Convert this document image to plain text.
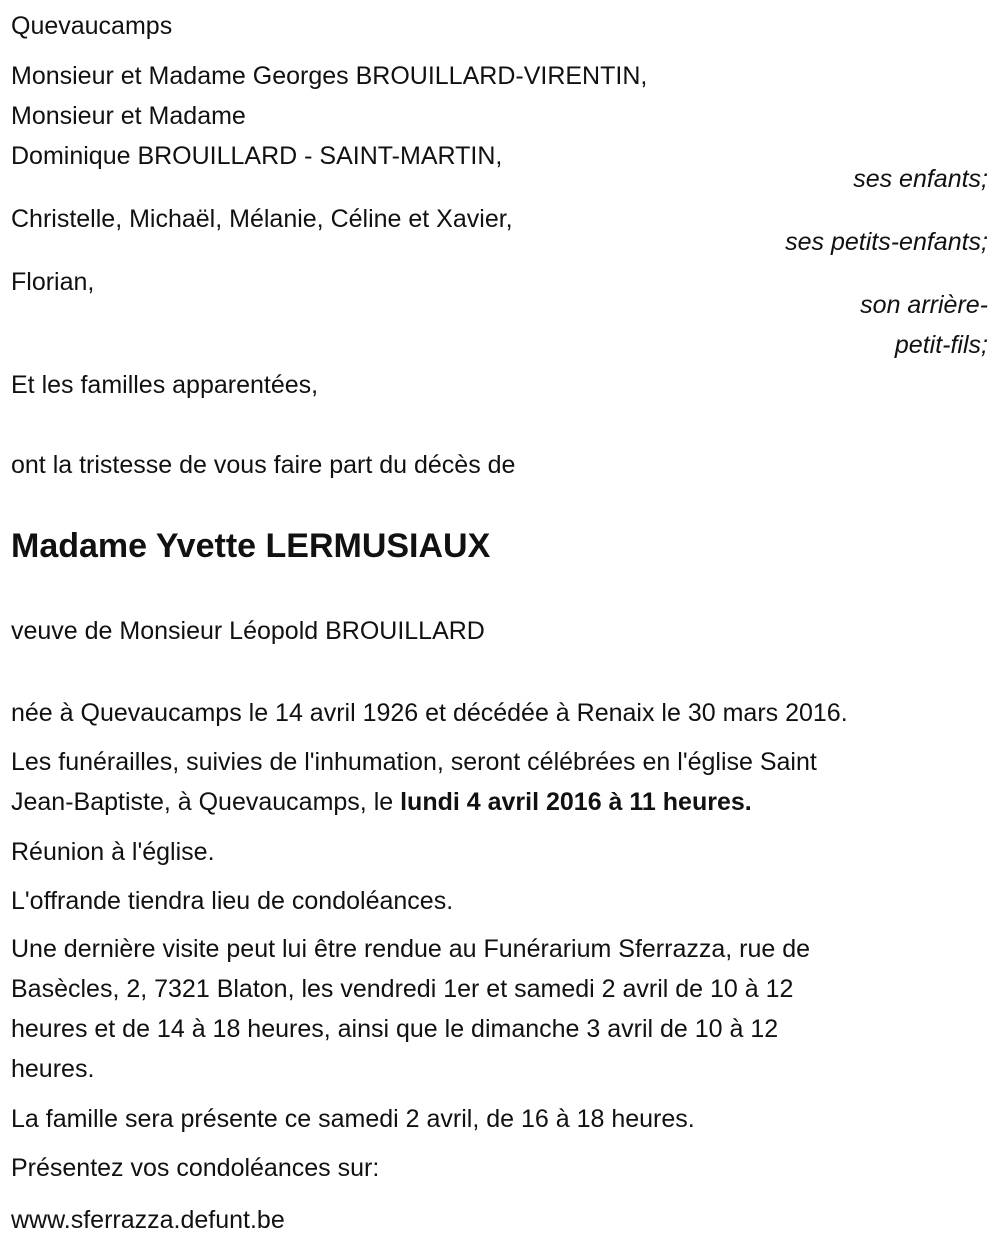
Quevaucamps
Monsieur et Madame Georges BROUILLARD-VIRENTIN,
Monsieur et Madame
Dominique BROUILLARD - SAINT-MARTIN,
ses enfants;
Christelle, Michaël, Mélanie, Céline et Xavier,
ses petits-enfants;
Florian,
son arrière-
petit-fils;
Et les familles apparentées,
ont la tristesse de vous faire part du décès de
Madame Yvette LERMUSIAUX
veuve de Monsieur Léopold BROUILLARD
née à Quevaucamps le 14 avril 1926 et décédée à Renaix le 30 mars 2016.
Les funérailles, suivies de l'inhumation, seront célébrées en l'église Saint
Jean-Baptiste, à Quevaucamps, le lundi 4 avril 2016 à 11 heures.
Réunion à l'église.
L'offrande tiendra lieu de condoléances.
Une dernière visite peut lui être rendue au Funérarium Sferrazza, rue de
Basècles, 2, 7321 Blaton, les vendredi 1er et samedi 2 avril de 10 à 12
heures et de 14 à 18 heures, ainsi que le dimanche 3 avril de 10 à 12
heures.
La famille sera présente ce samedi 2 avril, de 16 à 18 heures.
Présentez vos condoléances sur:
www.sferrazza.defunt.be
